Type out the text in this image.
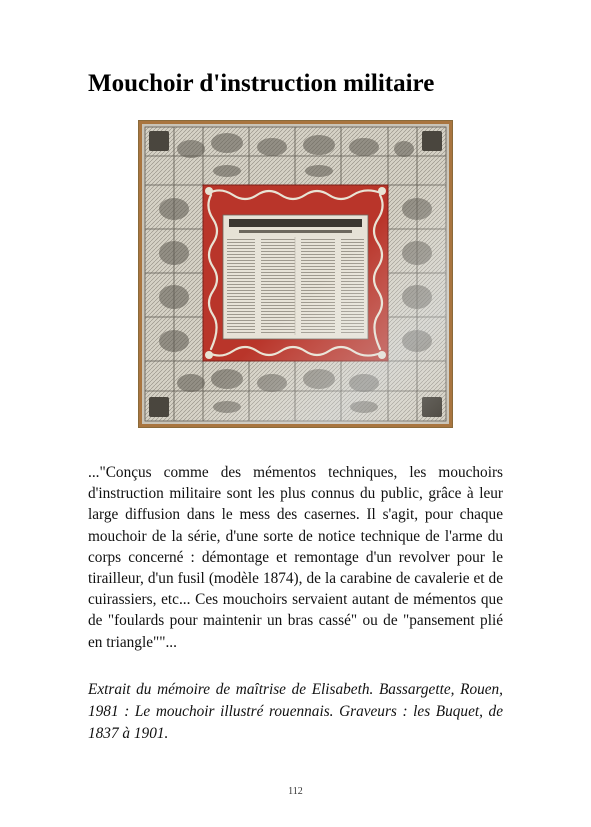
Mouchoir d'instruction militaire

..."Conçus comme des mémentos techniques, les mouchoirs d'instruction militaire sont les plus connus du public, grâce à leur large diffusion dans le mess des casernes. Il s'agit, pour chaque mouchoir de la série, d'une sorte de notice technique de l'arme du corps concerné : démontage et remontage d'un revolver pour le tirailleur, d'un fusil (modèle 1874), de la carabine de cavalerie et de cuirassiers, etc... Ces mouchoirs servaient autant de mémentos que de "foulards pour maintenir un bras cassé" ou de "pansement plié en triangle""...

Extrait du mémoire de maîtrise de Elisabeth. Bassargette, Rouen, 1981 : Le mouchoir illustré rouennais. Graveurs : les Buquet, de 1837 à 1901.

112
